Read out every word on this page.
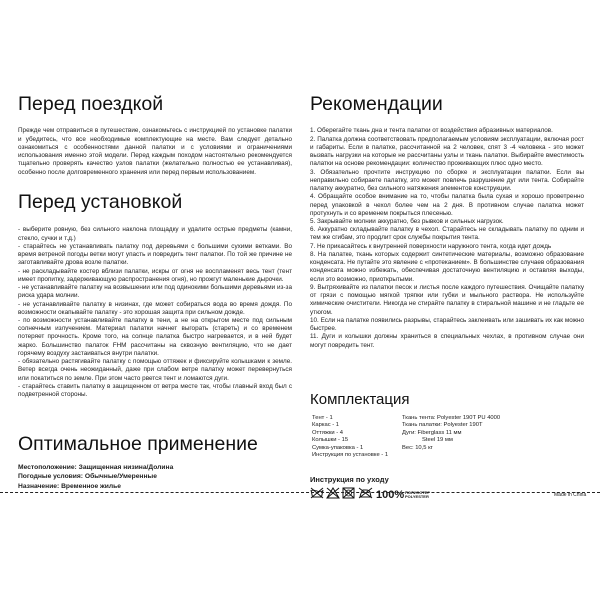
Перед поездкой

Прежде чем отправиться в путешествие, ознакомьтесь с инструкцией по установке палатки и убедитесь, что все необходимые комплектующие на месте. Вам следует детально ознакомиться с особенностями данной палатки и с условиями и ограничениями использования именно этой модели. Перед каждым походом настоятельно рекомендуется тщательно проверять качество узлов палатки (желательно полностью ее устанавливая), особенно после долговременного хранения или перед первым использованием.

Перед установкой
- выберите ровную, без сильного наклона площадку и удалите острые предметы (камни, стекло, сучки и т.д.)
- старайтесь не устанавливать палатку под деревьями с большими сухими ветками. Во время ветреной погоды ветки могут упасть и повредить тент палатки. По той же причине не заготавливайте дрова возле палатки.
- не раскладывайте костер вблизи палатки, искры от огня не воспламенят весь тент (тент имеет пропитку, задерживающую распространения огня), но прожгут маленькие дырочки.
- не устанавливайте палатку на возвышении или под одинокими большими деревьями из-за риска удара молнии.
- не устанавливайте палатку в низинах, где может собираться вода во время дождя. По возможности окапывайте палатку - это хорошая защита при сильном дожде.
- по возможности устанавливайте палатку в тени, а не на открытом месте под сильным солнечным излучением. Материал палатки начнет выгорать (стареть) и со временем потеряет прочность. Кроме того, на солнце палатка быстро нагревается, и в ней будет жарко. Большинство палаток FHM рассчитаны на сквозную вентиляцию, что не дает горячему воздуху застаиваться внутри палатки.
- обязательно растягивайте палатку с помощью оттяжек и фиксируйте колышками к земле. Ветер всегда очень неожиданный, даже при слабом ветре палатку может перевернуться или покатиться по земле. При этом часто рвется тент и ломаются дуги.
- старайтесь ставить палатку в защищенном от ветра месте так, чтобы главный вход был с подветренной стороны.
Оптимальное применение
Местоположение: Защищенная низина/Долина
Погодные условия: Обычные/Умеренные
Назначение: Временное жилье
Рекомендации
1. Оберегайте ткань дна и тента палатки от воздействия абразивных материалов.
2. Палатка должна соответствовать предполагаемым условиям эксплуатации, включая рост и габариты. Если в палатке, рассчитанной на 2 человек, спят 3 -4 человека - это может вызвать нагрузки на которые не рассчитаны узлы и ткань палатки. Выбирайте вместимость палатки на основе рекомендации: количество проживающих плюс одно место.
3. Обязательно прочтите инструкцию по сборке и эксплуатации палатки. Если вы неправильно собираете палатку, это может повлечь разрушение дуг или тента. Собирайте палатку аккуратно, без сильного натяжения элементов конструкции.
4. Обращайте особое внимание на то, чтобы палатка была сухая и хорошо проветренно перед упаковкой в чехол более чем на 2 дня. В противном случае палатка может протухнуть и со временем покрыться плесенью.
5. Закрывайте молнии аккуратно, без рывков и сильных нагрузок.
6. Аккуратно складывайте палатку в чехол. Старайтесь не складывать палатку по одним и тем же сгибам, это продлит срок службы покрытия тента.
7. Не прикасайтесь к внутренней поверхности наружного тента, когда идет дождь
8. На палатке, ткань которых содержит синтетические материалы, возможно образование конденсата. Не путайте это явление с «протеканием». В большинстве случаев образования конденсата можно избежать, обеспечивая достаточную вентиляцию и оставляя выходы, если это возможно, приоткрытыми.
9. Вытряхивайте из палатки песок и листья после каждого путешествия. Очищайте палатку от грязи с помощью мягкой тряпки или губки и мыльного раствора. Не используйте химические очистители. Никогда не стирайте палатку в стиральной машине и не гладьте ее утюгом.
10. Если на палатке появились разрывы, старайтесь заклеивать или зашивать их как можно быстрее.
11. Дуги и колышки должны храниться в специальных чехлах, в противном случае они могут повредить тент.
Комплектация
Тент - 1
Каркас - 1
Оттяжки - 4
Колышки - 15
Сумка-упаковка - 1
Инструкция по установке - 1
Ткань тента: Polyester 190T PU 4000
Ткань палатки: Polyester 190T
Дуги: Fiberglass 11 мм
Steel 19 мм
Вес: 10,5 кг
Инструкция по уходу
100% ПОЛИЭСТЕР
POLYESTER	Made in China
